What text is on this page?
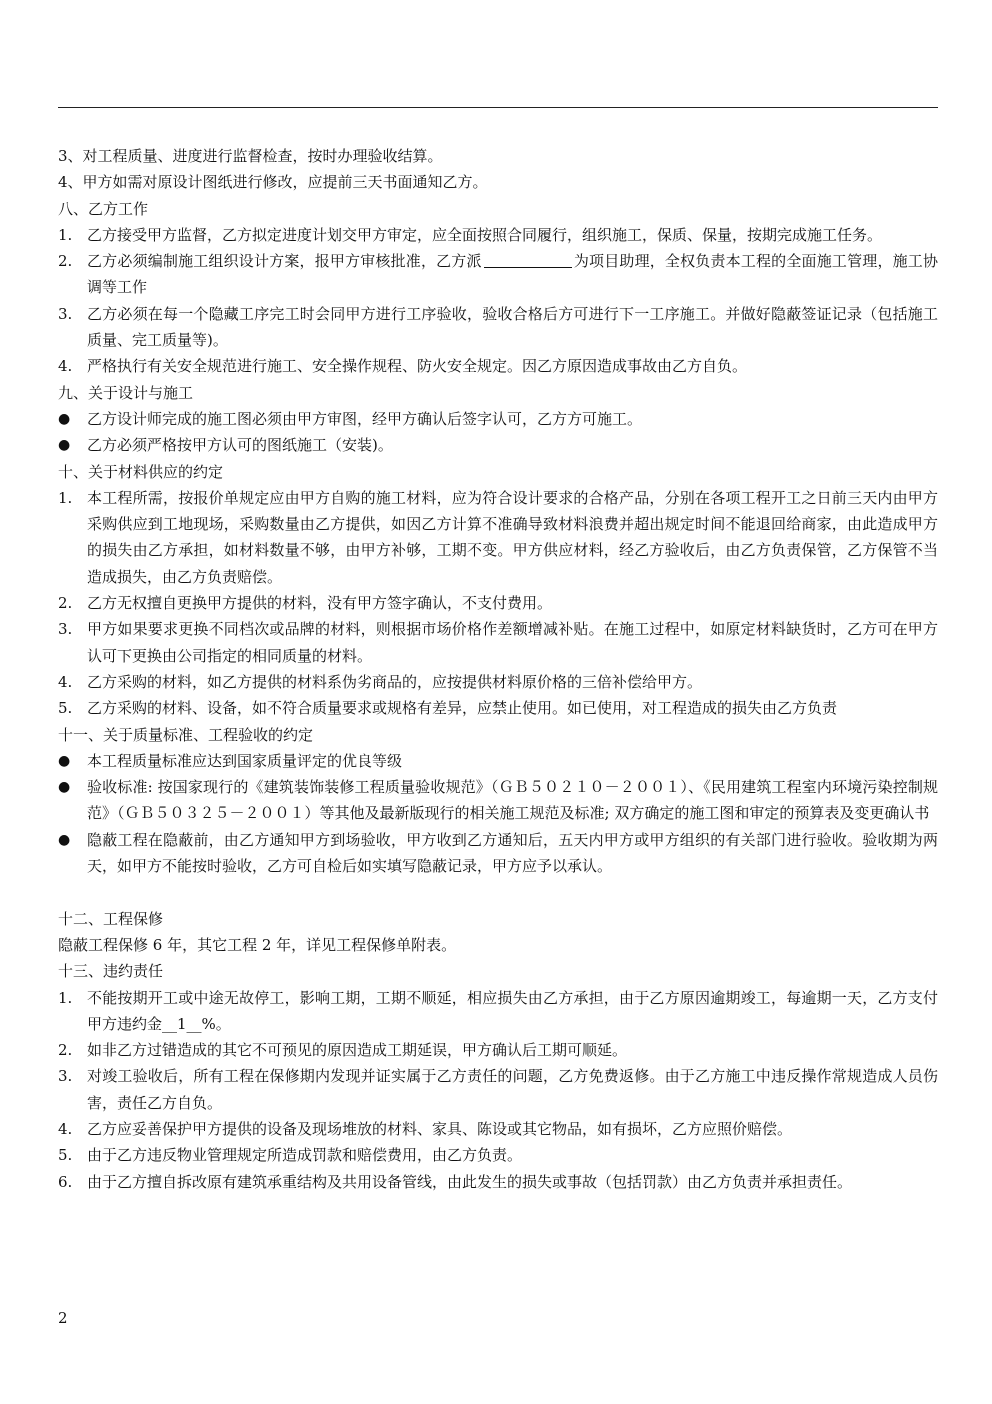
3、对工程质量、进度进行监督检查，按时办理验收结算。
4、甲方如需对原设计图纸进行修改，应提前三天书面通知乙方。
八、乙方工作
1. 乙方接受甲方监督，乙方拟定进度计划交甲方审定，应全面按照合同履行，组织施工，保质、保量，按期完成施工任务。
2. 乙方必须编制施工组织设计方案，报甲方审核批准，乙方派	为项目助理，全权负责本工程的全面施工管理，施工协调等工作
3. 乙方必须在每一个隐藏工序完工时会同甲方进行工序验收，验收合格后方可进行下一工序施工。并做好隐蔽签证记录（包括施工质量、完工质量等)。
4. 严格执行有关安全规范进行施工、安全操作规程、防火安全规定。因乙方原因造成事故由乙方自负。
九、关于设计与施工
● 乙方设计师完成的施工图必须由甲方审图，经甲方确认后签字认可，乙方方可施工。
● 乙方必须严格按甲方认可的图纸施工（安装)。
十、关于材料供应的约定
1. 本工程所需，按报价单规定应由甲方自购的施工材料，应为符合设计要求的合格产品，分别在各项工程开工之日前三天内由甲方采购供应到工地现场，采购数量由乙方提供，如因乙方计算不准确导致材料浪费并超出规定时间不能退回给商家，由此造成甲方的损失由乙方承担，如材料数量不够，由甲方补够，工期不变。甲方供应材料，经乙方验收后，由乙方负责保管，乙方保管不当造成损失，由乙方负责赔偿。
2. 乙方无权擅自更换甲方提供的材料，没有甲方签字确认，不支付费用。
3. 甲方如果要求更换不同档次或品牌的材料，则根据市场价格作差额增减补贴。在施工过程中，如原定材料缺货时，乙方可在甲方认可下更换由公司指定的相同质量的材料。
4. 乙方采购的材料，如乙方提供的材料系伪劣商品的，应按提供材料原价格的三倍补偿给甲方。
5. 乙方采购的材料、设备，如不符合质量要求或规格有差异，应禁止使用。如已使用，对工程造成的损失由乙方负责
十一、关于质量标准、工程验收的约定
● 本工程质量标准应达到国家质量评定的优良等级
● 验收标准: 按国家现行的《建筑装饰装修工程质量验收规范》（ＧＢ５０２１０－２００１）、《民用建筑工程室内环境污染控制规范》（ＧＢ５０３２５－２００１）等其他及最新版现行的相关施工规范及标准; 双方确定的施工图和审定的预算表及变更确认书
● 隐蔽工程在隐蔽前，由乙方通知甲方到场验收，甲方收到乙方通知后，五天内甲方或甲方组织的有关部门进行验收。验收期为两天，如甲方不能按时验收，乙方可自检后如实填写隐蔽记录，甲方应予以承认。
十二、工程保修
隐蔽工程保修 6 年，其它工程 2 年，详见工程保修单附表。
十三、违约责任
1. 不能按期开工或中途无故停工，影响工期，工期不顺延，相应损失由乙方承担，由于乙方原因逾期竣工，每逾期一天，乙方支付甲方违约金__1__%。
2. 如非乙方过错造成的其它不可预见的原因造成工期延误，甲方确认后工期可顺延。
3. 对竣工验收后，所有工程在保修期内发现并证实属于乙方责任的问题，乙方免费返修。由于乙方施工中违反操作常规造成人员伤害，责任乙方自负。
4. 乙方应妥善保护甲方提供的设备及现场堆放的材料、家具、陈设或其它物品，如有损坏，乙方应照价赔偿。
5. 由于乙方违反物业管理规定所造成罚款和赔偿费用，由乙方负责。
6. 由于乙方擅自拆改原有建筑承重结构及共用设备管线，由此发生的损失或事故（包括罚款）由乙方负责并承担责任。
2
